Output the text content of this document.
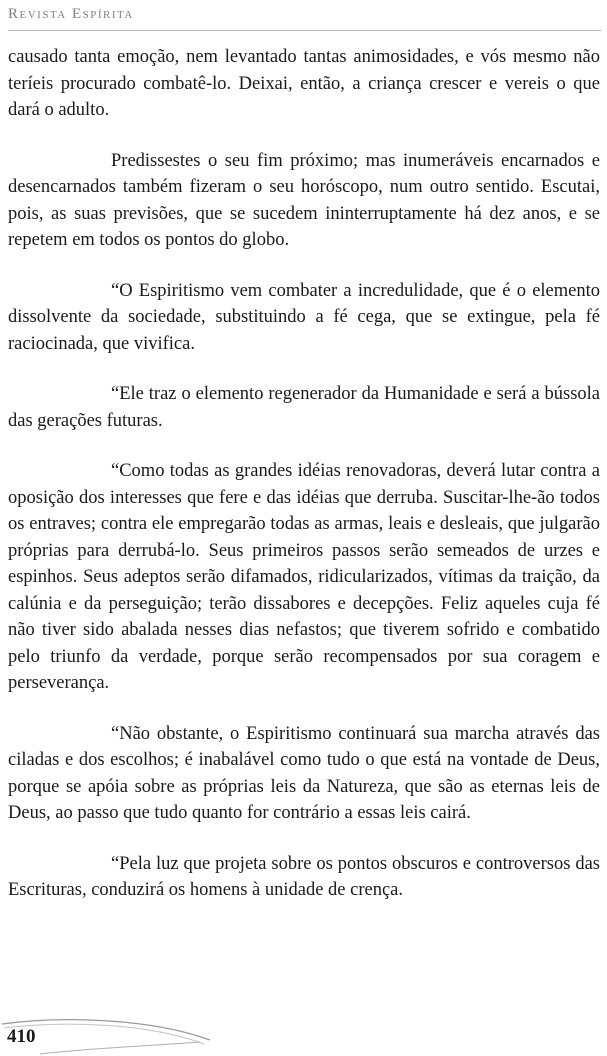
Revista Espírita

causado tanta emoção, nem levantado tantas animosidades, e vós mesmo não teríeis procurado combatê-lo. Deixai, então, a criança crescer e vereis o que dará o adulto.

Predissestes o seu fim próximo; mas inumeráveis encarnados e desencarnados também fizeram o seu horóscopo, num outro sentido. Escutai, pois, as suas previsões, que se sucedem ininterruptamente há dez anos, e se repetem em todos os pontos do globo.

“O Espiritismo vem combater a incredulidade, que é o elemento dissolvente da sociedade, substituindo a fé cega, que se extingue, pela fé raciocinada, que vivifica.

“Ele traz o elemento regenerador da Humanidade e será a bússola das gerações futuras.

“Como todas as grandes idéias renovadoras, deverá lutar contra a oposição dos interesses que fere e das idéias que derruba. Suscitar-lhe-ão todos os entraves; contra ele empregarão todas as armas, leais e desleais, que julgarão próprias para derrubá-lo. Seus primeiros passos serão semeados de urzes e espinhos. Seus adeptos serão difamados, ridicularizados, vítimas da traição, da calúnia e da perseguição; terão dissabores e decepções. Feliz aqueles cuja fé não tiver sido abalada nesses dias nefastos; que tiverem sofrido e combatido pelo triunfo da verdade, porque serão recompensados por sua coragem e perseverança.

“Não obstante, o Espiritismo continuará sua marcha através das ciladas e dos escolhos; é inabalável como tudo o que está na vontade de Deus, porque se apóia sobre as próprias leis da Natureza, que são as eternas leis de Deus, ao passo que tudo quanto for contrário a essas leis cairá.

“Pela luz que projeta sobre os pontos obscuros e controversos das Escrituras, conduzirá os homens à unidade de crença.

410
